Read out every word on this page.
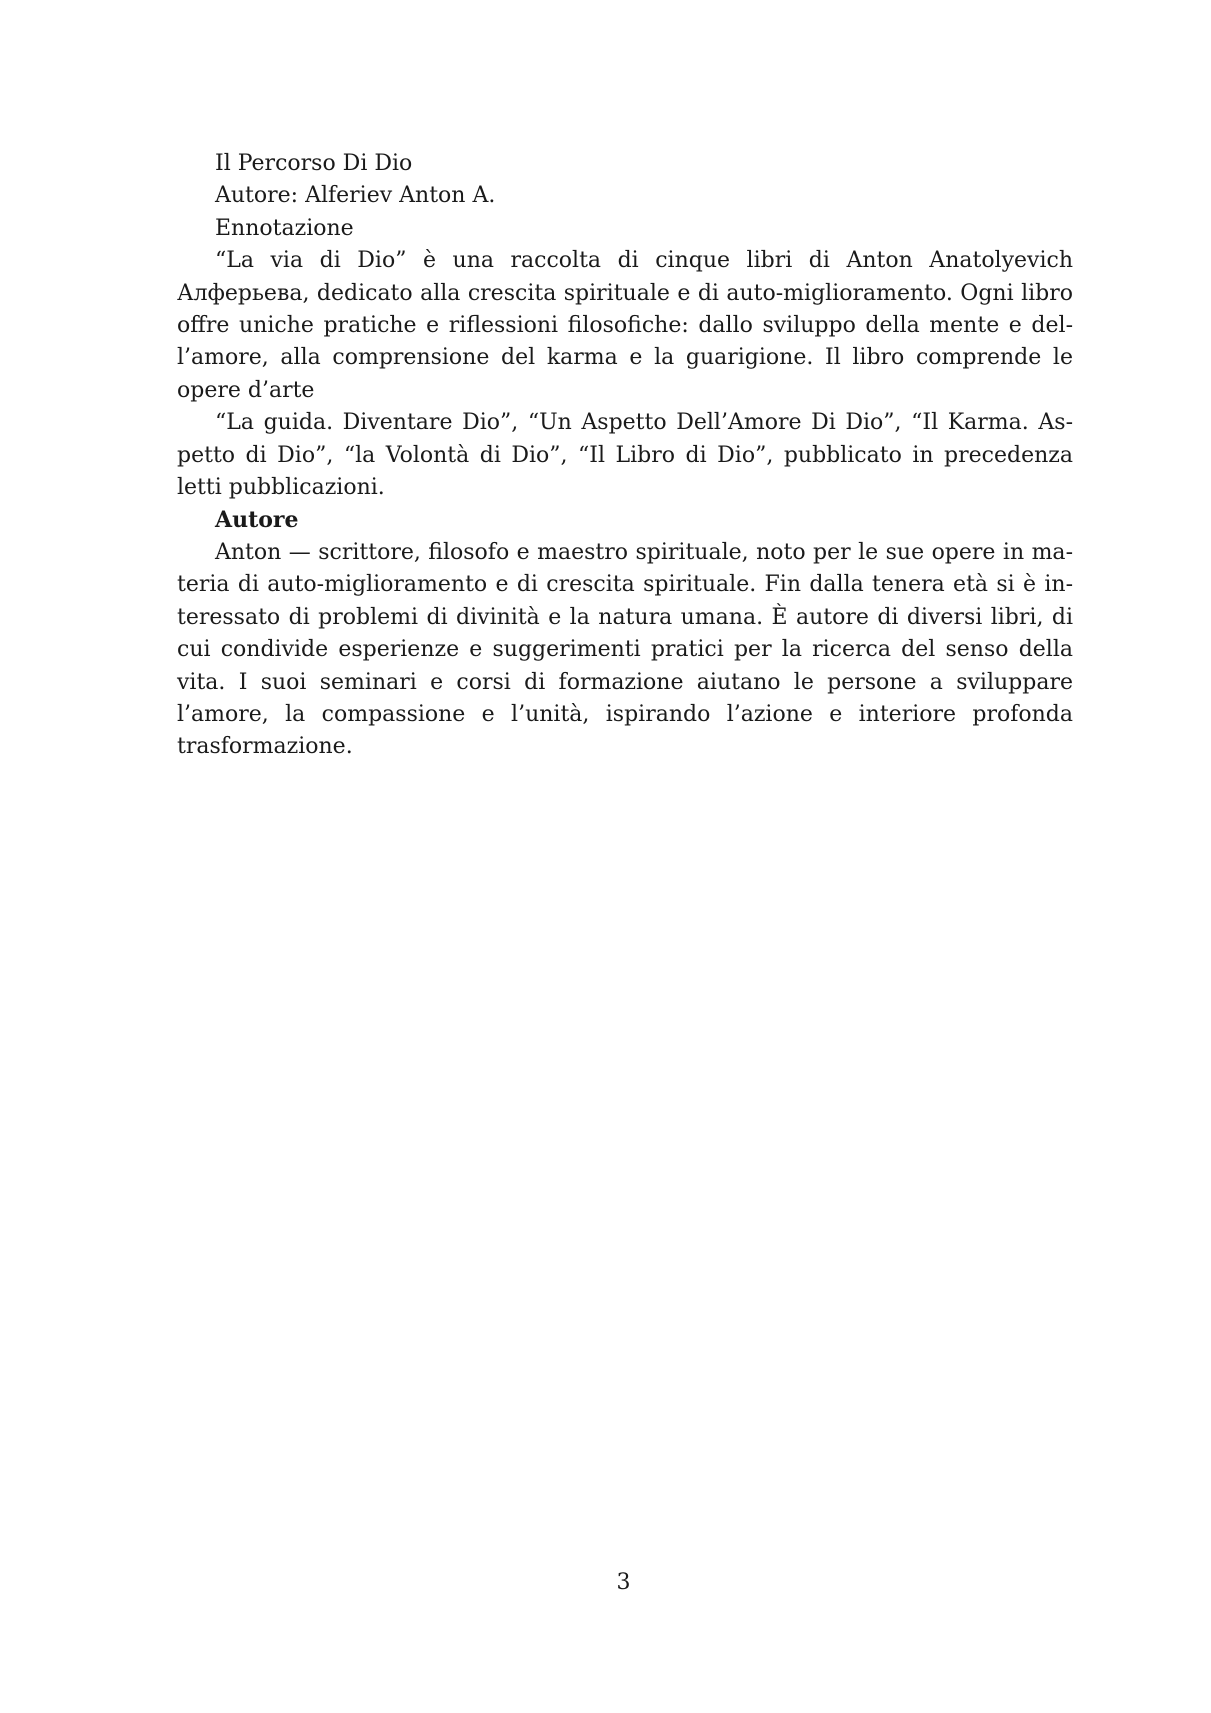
Il Percorso Di Dio

Autore: Alferiev Anton A.

Ennotazione

“La via di Dio” è una raccolta di cinque libri di Anton Anatolyevich Алферьева, dedicato alla crescita spirituale e di auto-miglioramento. Ogni libro offre uniche pratiche e riflessioni filosofiche: dallo sviluppo della mente e dell’amore, alla comprensione del karma e la guarigione. Il libro comprende le opere d’arte

“La guida. Diventare Dio”, “Un Aspetto Dell’Amore Di Dio”, “Il Karma. Aspetto di Dio”, “la Volontà di Dio”, “Il Libro di Dio”, pubblicato in precedenza letti pubblicazioni.

Autore

Anton — scrittore, filosofo e maestro spirituale, noto per le sue opere in materia di auto-miglioramento e di crescita spirituale. Fin dalla tenera età si è interessato di problemi di divinità e la natura umana. È autore di diversi libri, di cui condivide esperienze e suggerimenti pratici per la ricerca del senso della vita. I suoi seminari e corsi di formazione aiutano le persone a sviluppare l’amore, la compassione e l’unità, ispirando l’azione e interiore profonda trasformazione.

3
